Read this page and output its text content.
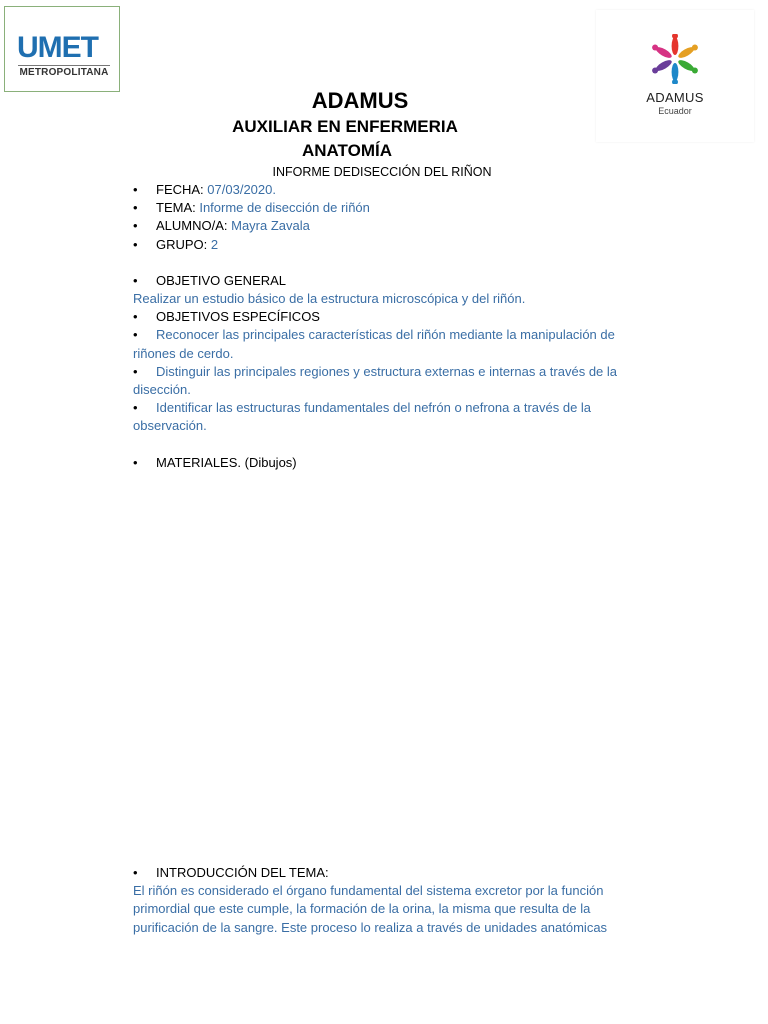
UMET
METROPOLITANA
ADAMUS
Ecuador
ADAMUS
AUXILIAR EN ENFERMERIA
ANATOMÍA
INFORME DEDISECCIÓN DEL RIÑON
• FECHA: 07/03/2020.
• TEMA: Informe de disección de riñón
• ALUMNO/A: Mayra Zavala
• GRUPO: 2
• OBJETIVO GENERAL
Realizar un estudio básico de la estructura microscópica y del riñón.
• OBJETIVOS ESPECÍFICOS
• Reconocer las principales características del riñón mediante la manipulación de riñones de cerdo.
• Distinguir las principales regiones y estructura externas e internas a través de la disección.
• Identificar las estructuras fundamentales del nefrón o nefrona a través de la observación.
• MATERIALES. (Dibujos)
• INTRODUCCIÓN DEL TEMA:
El riñón es considerado el órgano fundamental del sistema excretor por la función primordial que este cumple, la formación de la orina, la misma que resulta de la purificación de la sangre. Este proceso lo realiza a través de unidades anatómicas
